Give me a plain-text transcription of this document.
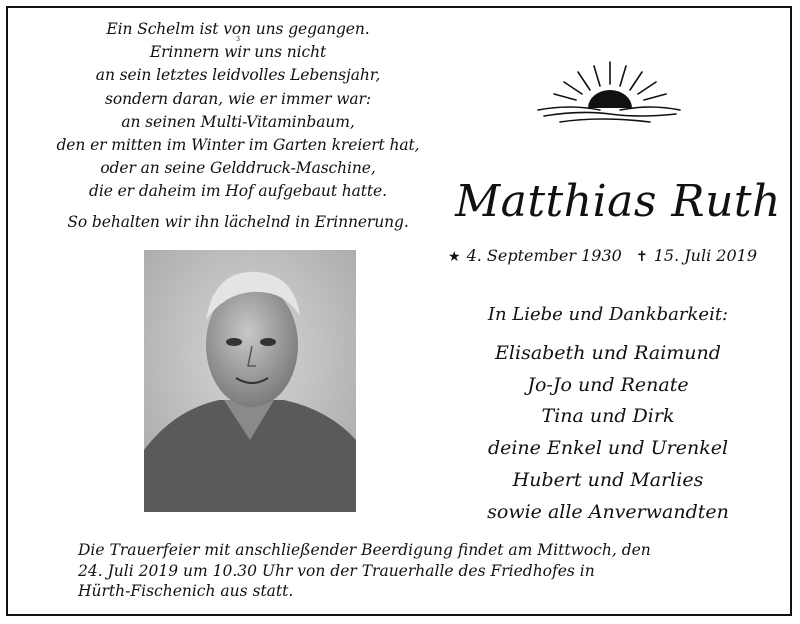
Ein Schelm ist von uns gegangen.
3
Erinnern wir uns nicht
an sein letztes leidvolles Lebensjahr,
sondern daran, wie er immer war:
an seinen Multi-Vitaminbaum,
den er mitten im Winter im Garten kreiert hat,
oder an seine Gelddruck-Maschine,
die er daheim im Hof aufgebaut hatte.
So behalten wir ihn lächelnd in Erinnerung.	Matthias Ruth
★ 4. September 1930 ✝ 15. Juli 2019
In Liebe und Dankbarkeit:
Elisabeth und Raimund
Jo-Jo und Renate
Tina und Dirk
deine Enkel und Urenkel
Hubert und Marlies
sowie alle Anverwandten
Die Trauerfeier mit anschließender Beerdigung findet am Mittwoch, den
24. Juli 2019 um 10.30 Uhr von der Trauerhalle des Friedhofes in
Hürth-Fischenich aus statt.
